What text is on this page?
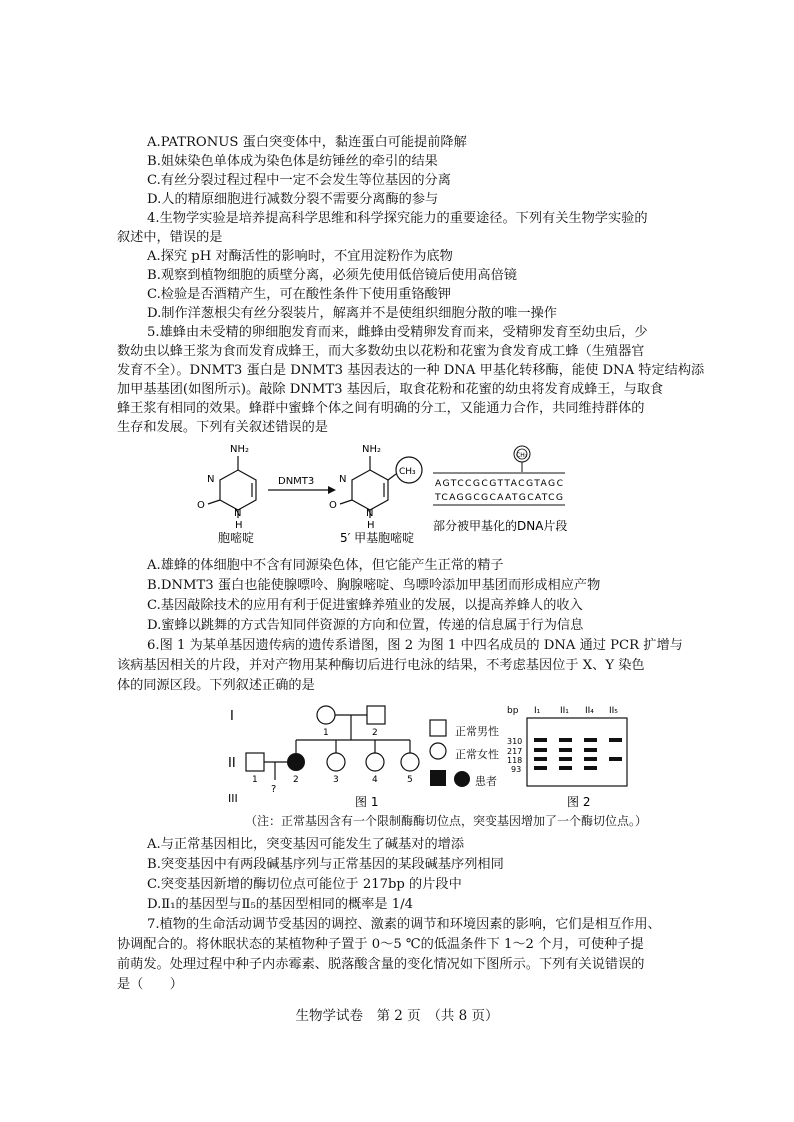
A.PATRONUS 蛋白突变体中，黏连蛋白可能提前降解
B.姐妹染色单体成为染色体是纺锤丝的牵引的结果
C.有丝分裂过程过程中一定不会发生等位基因的分离
D.人的精原细胞进行减数分裂不需要分离酶的参与
4.生物学实验是培养提高科学思维和科学探究能力的重要途径。下列有关生物学实验的
叙述中，错误的是
A.探究 pH 对酶活性的影响时，不宜用淀粉作为底物
B.观察到植物细胞的质壁分离，必须先使用低倍镜后使用高倍镜
C.检验是否酒精产生，可在酸性条件下使用重铬酸钾
D.制作洋葱根尖有丝分裂装片，解离并不是使组织细胞分散的唯一操作
5.雄蜂由未受精的卵细胞发育而来，雌蜂由受精卵发育而来，受精卵发育至幼虫后，少
数幼虫以蜂王浆为食而发育成蜂王，而大多数幼虫以花粉和花蜜为食发育成工蜂（生殖器官
发育不全）。DNMT3 蛋白是 DNMT3 基因表达的一种 DNA 甲基化转移酶，能使 DNA 特定结构添
加甲基基团(如图所示)。敲除 DNMT3 基因后，取食花粉和花蜜的幼虫将发育成蜂王，与取食
蜂王浆有相同的效果。蜂群中蜜蜂个体之间有明确的分工，又能通力合作，共同维持群体的
生存和发展。下列有关叙述错误的是
NH₂
N
O
N
H
胞嘧啶
DNMT3
NH₂
N
O
N
H
CH₃
5′ 甲基胞嘧啶
CH₃
AGTCCGCGTTACGTAGC
TCAGGCGCAATGCATCG
部分被甲基化的DNA片段
A.雄蜂的体细胞中不含有同源染色体，但它能产生正常的精子
B.DNMT3 蛋白也能使腺嘌呤、胸腺嘧啶、鸟嘌呤添加甲基团而形成相应产物
C.基因敲除技术的应用有利于促进蜜蜂养殖业的发展，以提高养蜂人的收入
D.蜜蜂以跳舞的方式告知同伴资源的方向和位置，传递的信息属于行为信息
6.图 1 为某单基因遗传病的遗传系谱图，图 2 为图 1 中四名成员的 DNA 通过 PCR 扩增与
该病基因相关的片段，并对产物用某种酶切后进行电泳的结果，不考虑基因位于 X、Y 染色
体的同源区段。下列叙述正确的是
I
II
III
1	2
1	2	3	4	5
?
图 1
正常男性
正常女性
患者
bp I₁ II₁ II₄ II₅
310
217
118
93
图 2
（注：正常基因含有一个限制酶酶切位点，突变基因增加了一个酶切位点。）
A.与正常基因相比，突变基因可能发生了碱基对的增添
B.突变基因中有两段碱基序列与正常基因的某段碱基序列相同
C.突变基因新增的酶切位点可能位于 217bp 的片段中
D.Ⅱ₁的基因型与Ⅱ₅的基因型相同的概率是 1/4
7.植物的生命活动调节受基因的调控、激素的调节和环境因素的影响，它们是相互作用、
协调配合的。将休眠状态的某植物种子置于 0～5 ℃的低温条件下 1～2 个月，可使种子提
前萌发。处理过程中种子内赤霉素、脱落酸含量的变化情况如下图所示。下列有关说错误的
是（　　）
生物学试卷　第 2 页　（共 8 页）
